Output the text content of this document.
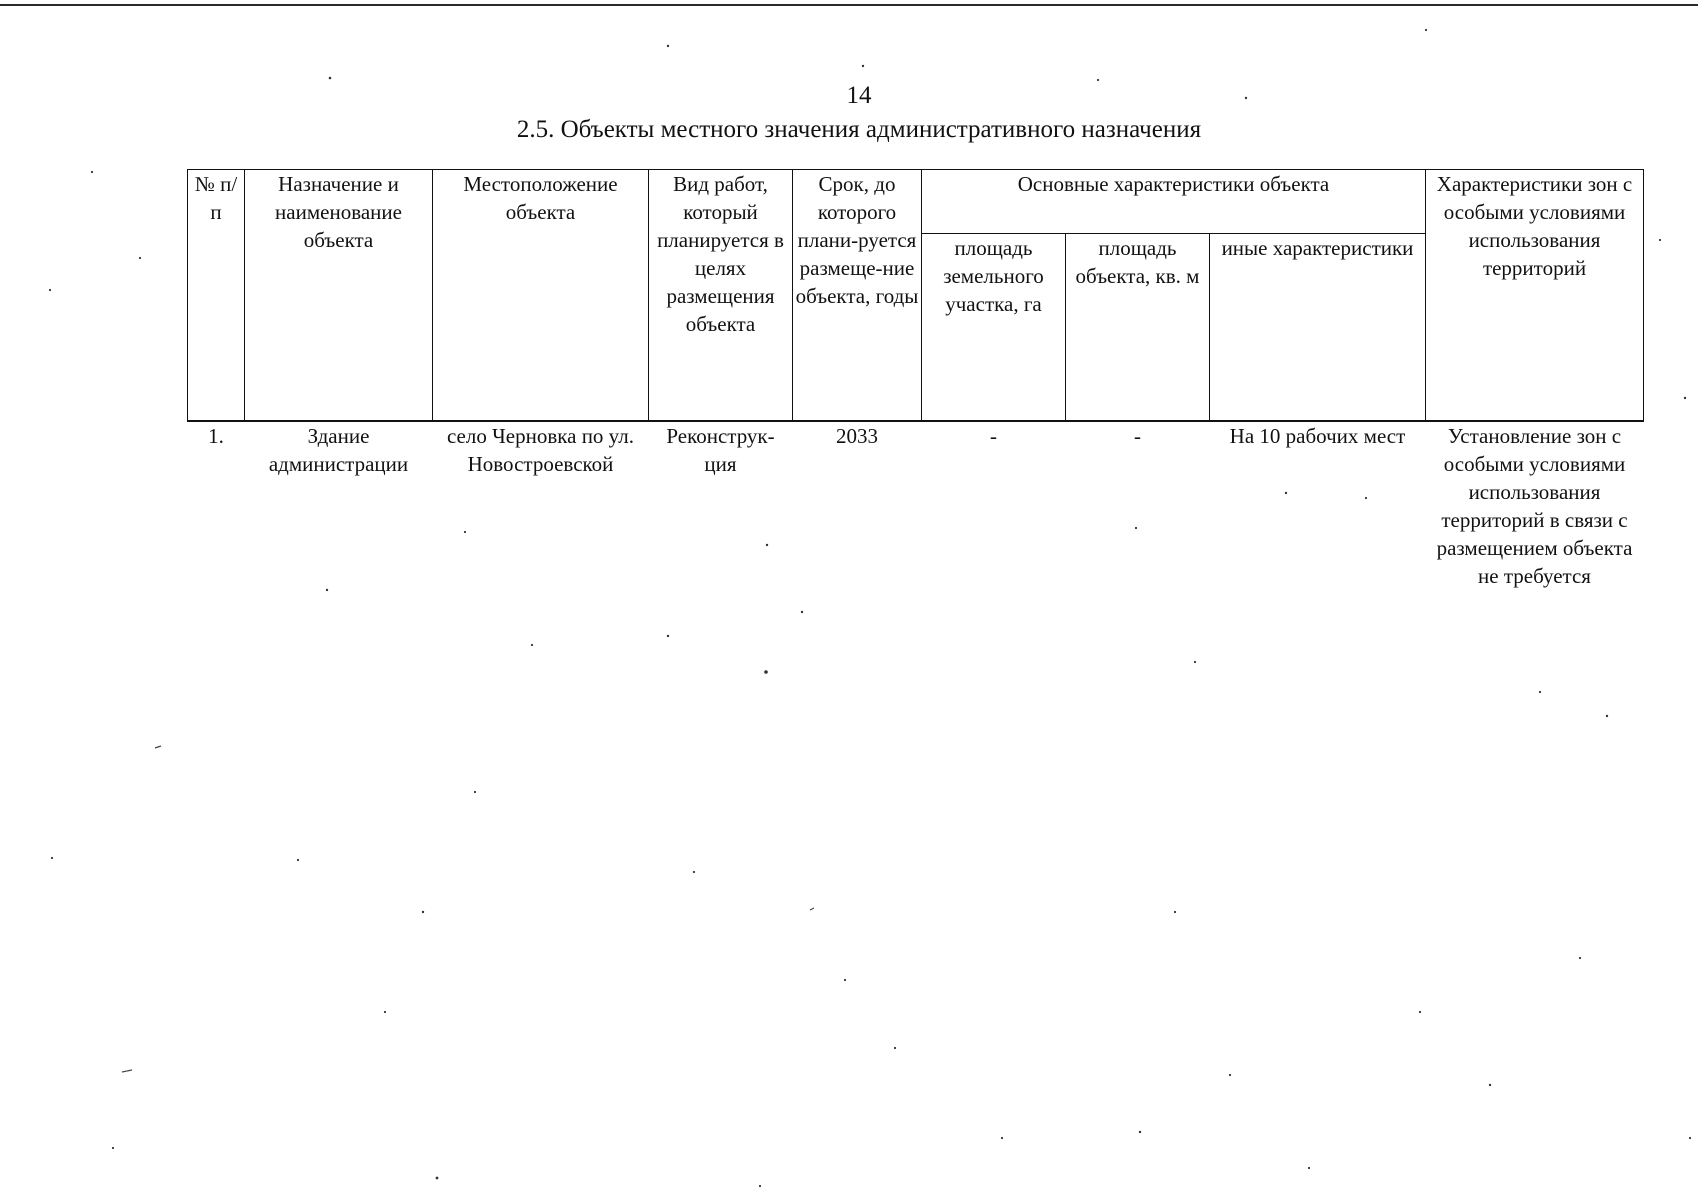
14
2.5. Объекты местного значения административного назначения
№ п/п	Назначение и наименование объекта	Местоположение объекта	Вид работ, который планируется в целях размещения объекта	Срок, до которого плани-руется размеще-ние объекта, годы	Основные характеристики объекта			Характеристики зон с особыми условиями использования территорий
					площадь земельного участка, га	площадь объекта, кв. м	иные характеристики	
1.	Здание администрации	село Черновка по ул. Новостроевской	Реконструк-ция	2033	-	-	На 10 рабочих мест	Установление зон с особыми условиями использования территорий в связи с размещением объекта не требуется
